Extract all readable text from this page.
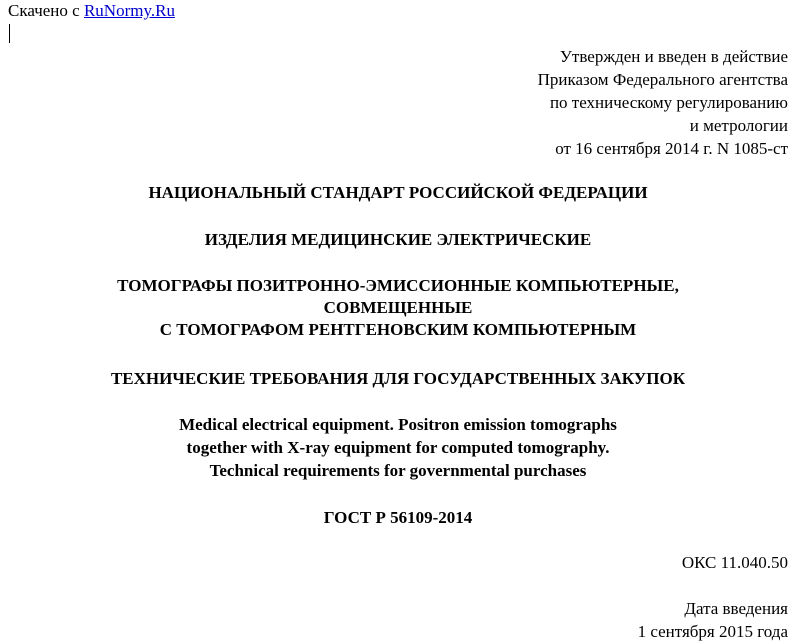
Скачено с RuNormy.Ru
Утвержден и введен в действие
Приказом Федерального агентства
по техническому регулированию
и метрологии
от 16 сентября 2014 г. N 1085-ст
НАЦИОНАЛЬНЫЙ СТАНДАРТ РОССИЙСКОЙ ФЕДЕРАЦИИ
ИЗДЕЛИЯ МЕДИЦИНСКИЕ ЭЛЕКТРИЧЕСКИЕ
ТОМОГРАФЫ ПОЗИТРОННО-ЭМИССИОННЫЕ КОМПЬЮТЕРНЫЕ,
СОВМЕЩЕННЫЕ
С ТОМОГРАФОМ РЕНТГЕНОВСКИМ КОМПЬЮТЕРНЫМ
ТЕХНИЧЕСКИЕ ТРЕБОВАНИЯ ДЛЯ ГОСУДАРСТВЕННЫХ ЗАКУПОК
Medical electrical equipment. Positron emission tomographs
together with X-ray equipment for computed tomography.
Technical requirements for governmental purchases
ГОСТ Р 56109-2014
ОКС 11.040.50
Дата введения
1 сентября 2015 года
